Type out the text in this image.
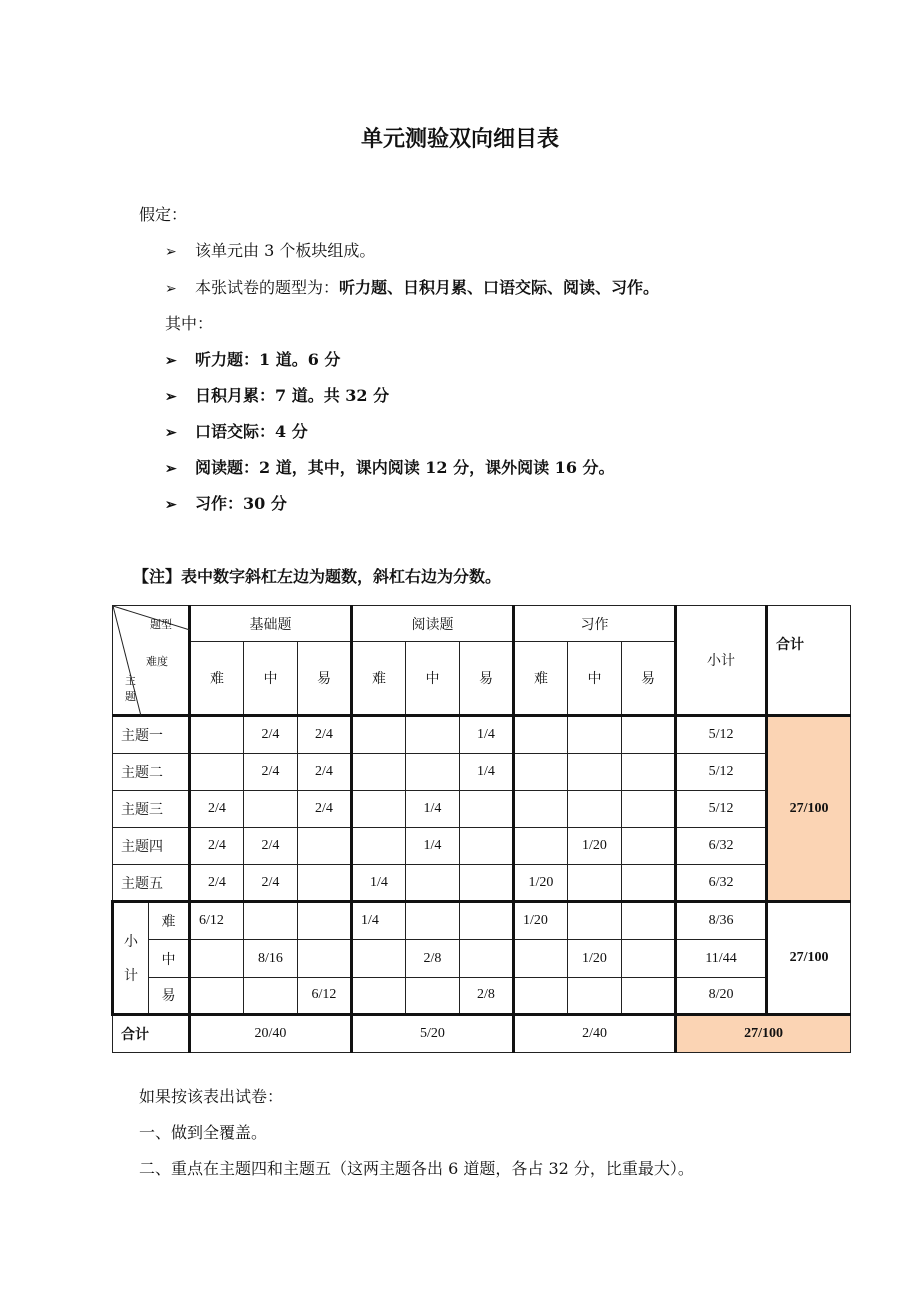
单元测验双向细目表
假定：
➢ 该单元由 3 个板块组成。
➢ 本张试卷的题型为：听力题、日积月累、口语交际、阅读、习作。
其中：
➢ 听力题：1 道。6 分
➢ 日积月累：7 道。共 32 分
➢ 口语交际：4 分
➢ 阅读题：2 道，其中，课内阅读 12 分，课外阅读 16 分。
➢ 习作：30 分
【注】表中数字斜杠左边为题数，斜杠右边为分数。
题型
难度
主
题		基础题			阅读题			习作			小计	合计
		难	中	易	难	中	易	难	中	易		
主题一			2/4	2/4			1/4				5/12	27/100
主题二			2/4	2/4			1/4				5/12	
主题三		2/4		2/4		1/4					5/12	
主题四		2/4	2/4			1/4			1/20		6/32	
主题五		2/4	2/4		1/4			1/20			6/32	

小
计	难	6/12			1/4			1/20			8/36	27/100
	中		8/16			2/8			1/20		11/44	
	易			6/12			2/8				8/20	
合计		20/40			5/20			2/40			27/100	
如果按该表出试卷：
一、做到全覆盖。
二、重点在主题四和主题五（这两主题各出 6 道题，各占 32 分，比重最大）。
